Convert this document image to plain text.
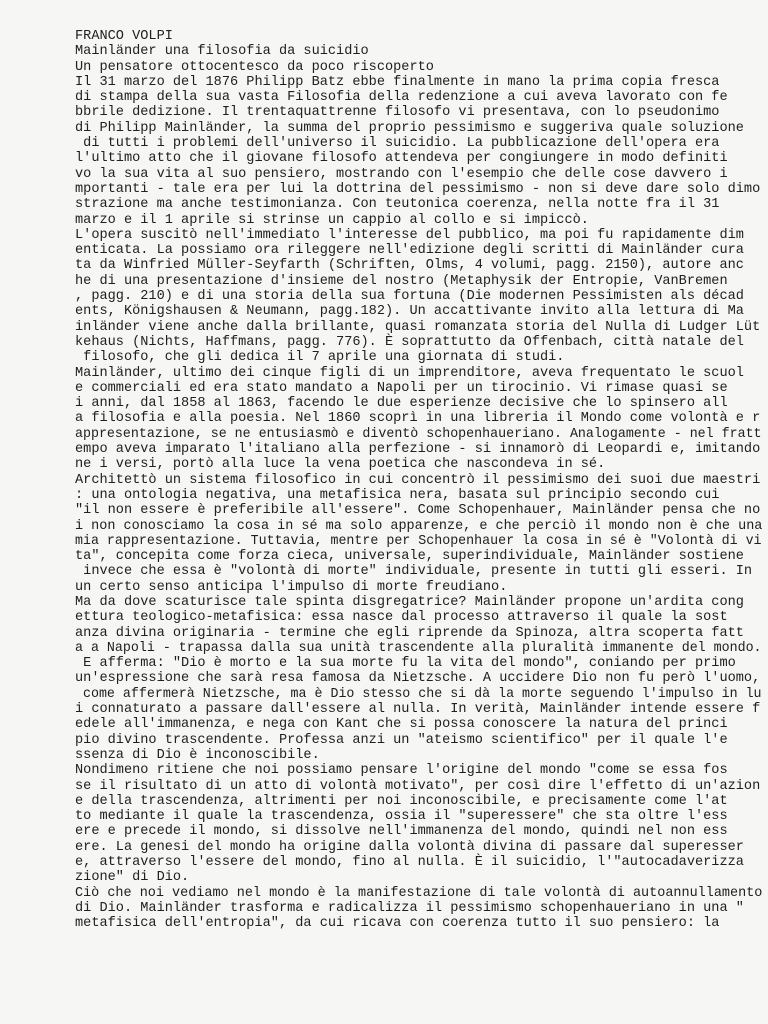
FRANCO VOLPI
Mainländer una filosofia da suicidio
Un pensatore ottocentesco da poco riscoperto
Il 31 marzo del 1876 Philipp Batz ebbe finalmente in mano la prima copia fresca
di stampa della sua vasta Filosofia della redenzione a cui aveva lavorato con fe
bbrile dedizione. Il trentaquattrenne filosofo vi presentava, con lo pseudonimo
di Philipp Mainländer, la summa del proprio pessimismo e suggeriva quale soluzione
di tutti i problemi dell'universo il suicidio. La pubblicazione dell'opera era
l'ultimo atto che il giovane filosofo attendeva per congiungere in modo definiti
vo la sua vita al suo pensiero, mostrando con l'esempio che delle cose davvero i
mportanti - tale era per lui la dottrina del pessimismo - non si deve dare solo dimo
strazione ma anche testimonianza. Con teutonica coerenza, nella notte fra il 31
marzo e il 1 aprile si strinse un cappio al collo e si impiccò.
L'opera suscitò nell'immediato l'interesse del pubblico, ma poi fu rapidamente dim
enticata. La possiamo ora rileggere nell'edizione degli scritti di Mainländer cura
ta da Winfried Müller-Seyfarth (Schriften, Olms, 4 volumi, pagg. 2150), autore anc
he di una presentazione d'insieme del nostro (Metaphysik der Entropie, VanBremen
, pagg. 210) e di una storia della sua fortuna (Die modernen Pessimisten als décad
ents, Königshausen & Neumann, pagg.182). Un accattivante invito alla lettura di Ma
inländer viene anche dalla brillante, quasi romanzata storia del Nulla di Ludger Lüt
kehaus (Nichts, Haffmans, pagg. 776). È soprattutto da Offenbach, città natale del
filosofo, che gli dedica il 7 aprile una giornata di studi.
Mainländer, ultimo dei cinque figli di un imprenditore, aveva frequentato le scuol
e commerciali ed era stato mandato a Napoli per un tirocinio. Vi rimase quasi se
i anni, dal 1858 al 1863, facendo le due esperienze decisive che lo spinsero all
a filosofia e alla poesia. Nel 1860 scoprì in una libreria il Mondo come volontà e r
appresentazione, se ne entusiasmò e diventò schopenhaueriano. Analogamente - nel fratt
empo aveva imparato l'italiano alla perfezione - si innamorò di Leopardi e, imitando
ne i versi, portò alla luce la vena poetica che nascondeva in sé.
Architettò un sistema filosofico in cui concentrò il pessimismo dei suoi due maestri
: una ontologia negativa, una metafisica nera, basata sul principio secondo cui
"il non essere è preferibile all'essere". Come Schopenhauer, Mainländer pensa che no
i non conosciamo la cosa in sé ma solo apparenze, e che perciò il mondo non è che una
mia rappresentazione. Tuttavia, mentre per Schopenhauer la cosa in sé è "Volontà di vi
ta", concepita come forza cieca, universale, superindividuale, Mainländer sostiene
invece che essa è "volontà di morte" individuale, presente in tutti gli esseri. In
un certo senso anticipa l'impulso di morte freudiano.
Ma da dove scaturisce tale spinta disgregatrice? Mainländer propone un'ardita cong
ettura teologico-metafisica: essa nasce dal processo attraverso il quale la sost
anza divina originaria - termine che egli riprende da Spinoza, altra scoperta fatt
a a Napoli - trapassa dalla sua unità trascendente alla pluralità immanente del mondo.
E afferma: "Dio è morto e la sua morte fu la vita del mondo", coniando per primo
un'espressione che sarà resa famosa da Nietzsche. A uccidere Dio non fu però l'uomo,
come affermerà Nietzsche, ma è Dio stesso che si dà la morte seguendo l'impulso in lu
i connaturato a passare dall'essere al nulla. In verità, Mainländer intende essere f
edele all'immanenza, e nega con Kant che si possa conoscere la natura del princi
pio divino trascendente. Professa anzi un "ateismo scientifico" per il quale l'e
ssenza di Dio è inconoscibile.
Nondimeno ritiene che noi possiamo pensare l'origine del mondo "come se essa fos
se il risultato di un atto di volontà motivato", per così dire l'effetto di un'azion
e della trascendenza, altrimenti per noi inconoscibile, e precisamente come l'at
to mediante il quale la trascendenza, ossia il "superessere" che sta oltre l'ess
ere e precede il mondo, si dissolve nell'immanenza del mondo, quindi nel non ess
ere. La genesi del mondo ha origine dalla volontà divina di passare dal superesser
e, attraverso l'essere del mondo, fino al nulla. È il suicidio, l'"autocadaverizza
zione" di Dio.
Ciò che noi vediamo nel mondo è la manifestazione di tale volontà di autoannullamento
di Dio. Mainländer trasforma e radicalizza il pessimismo schopenhaueriano in una "
metafisica dell'entropia", da cui ricava con coerenza tutto il suo pensiero: la
